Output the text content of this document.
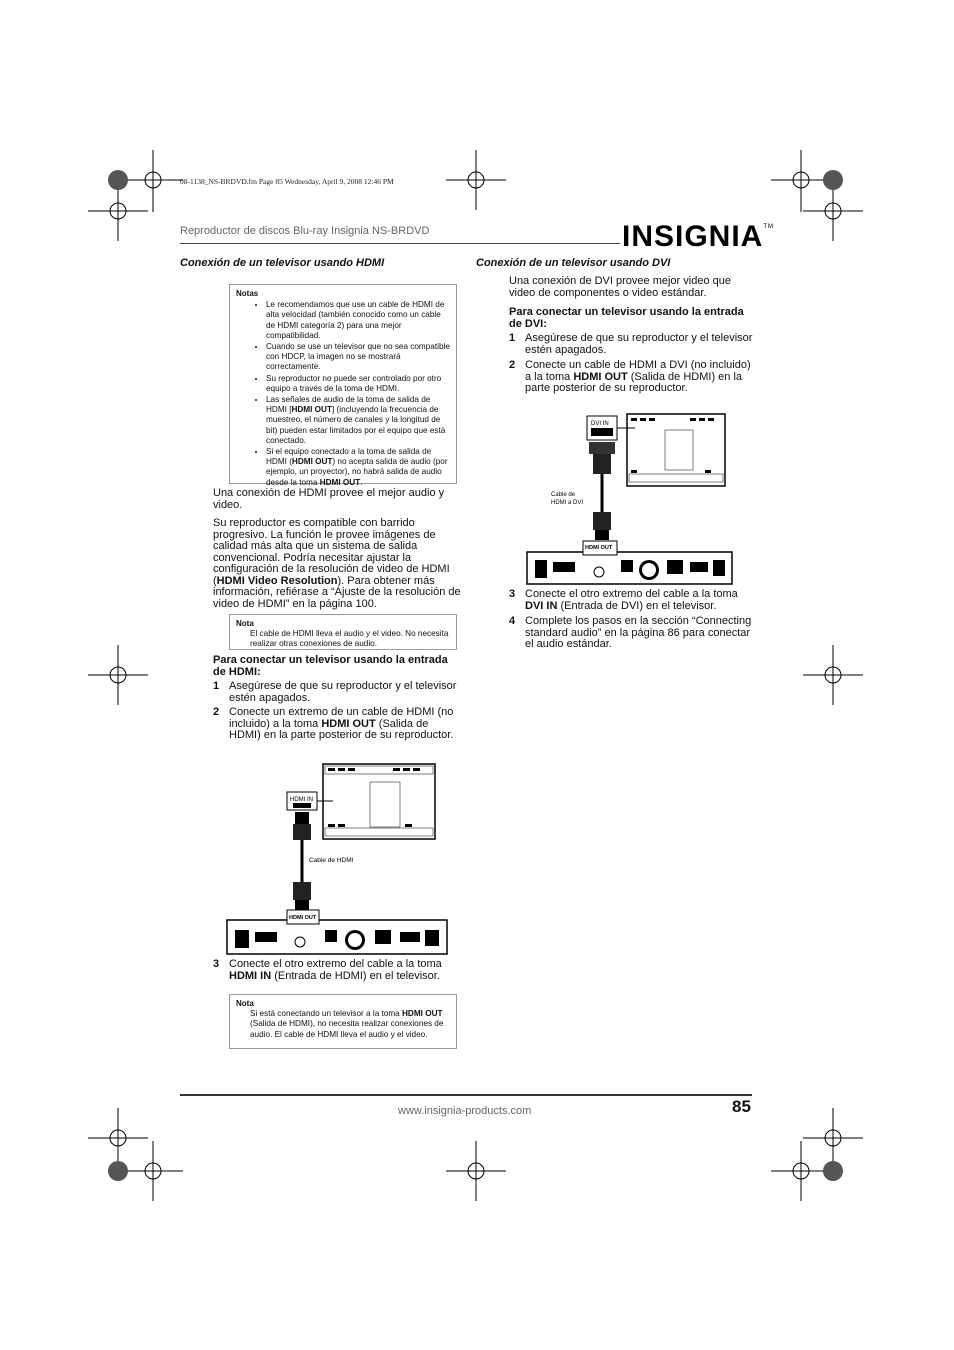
08-1138_NS-BRDVD.fm Page 85 Wednesday, April 9, 2008 12:46 PM
Reproductor de discos Blu-ray Insignia NS-BRDVD	INSIGNIA™
Conexión de un televisor usando HDMI
Notas
• Le recomendamos que use un cable de HDMI de alta velocidad (también conocido como un cable de HDMI categoría 2) para una mejor compatibilidad.
• Cuando se use un televisor que no sea compatible con HDCP, la imagen no se mostrará correctamente.
• Su reproductor no puede ser controlado por otro equipo a través de la toma de HDMI.
• Las señales de audio de la toma de salida de HDMI [HDMI OUT] (incluyendo la frecuencia de muestreo, el número de canales y la longitud de bit) pueden estar limitados por el equipo que está conectado.
• Si el equipo conectado a la toma de salida de HDMI (HDMI OUT) no acepta salida de audio (por ejemplo, un proyector), no habrá salida de audio desde la toma HDMI OUT.

Una conexión de HDMI provee el mejor audio y video.

Su reproductor es compatible con barrido progresivo. La función le provee imágenes de calidad más alta que un sistema de salida convencional. Podría necesitar ajustar la configuración de la resolución de video de HDMI (HDMI Video Resolution). Para obtener más información, refiérase a “Ajuste de la resolución de video de HDMI” en la página 100.

Nota
El cable de HDMI lleva el audio y el video. No necesita realizar otras conexiones de audio.
Para conectar un televisor usando la entrada de HDMI:
1 Asegúrese de que su reproductor y el televisor estén apagados.
2 Conecte un extremo de un cable de HDMI (no incluido) a la toma HDMI OUT (Salida de HDMI) en la parte posterior de su reproductor.
HDMI IN
Cable de HDMI
HDMI OUT
3 Conecte el otro extremo del cable a la toma HDMI IN (Entrada de HDMI) en el televisor.
Nota
Si está conectando un televisor a la toma HDMI OUT (Salida de HDMI), no necesita realizar conexiones de audio. El cable de HDMI lleva el audio y el video.
Conexión de un televisor usando DVI
Una conexión de DVI provee mejor video que video de componentes o video estándar.
Para conectar un televisor usando la entrada de DVI:
1 Asegúrese de que su reproductor y el televisor estén apagados.
2 Conecte un cable de HDMI a DVI (no incluido) a la toma HDMI OUT (Salida de HDMI) en la parte posterior de su reproductor.
DVI IN
Cable de
HDMI a DVI
HDMI OUT
3 Conecte el otro extremo del cable a la toma DVI IN (Entrada de DVI) en el televisor.
4 Complete los pasos en la sección “Connecting standard audio” en la página 86 para conectar el audio estándar.
www.insignia-products.com	85
